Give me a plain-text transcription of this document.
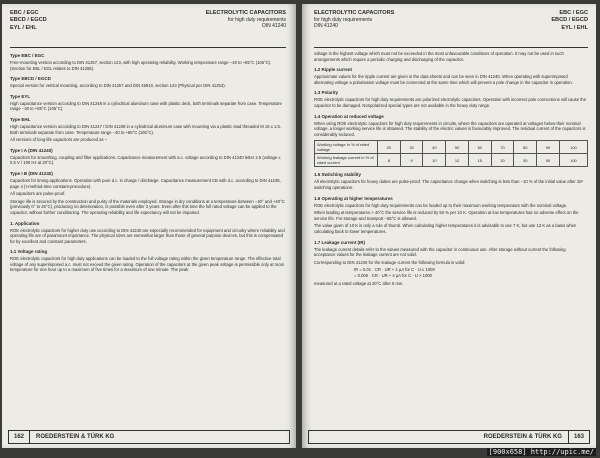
EBC / EGC
EBCD / EGCD
EYL / EHL
ELECTROLYTIC CAPACITORS
for high duty requirements
DIN 41240
Type EBC / EGC
Free-mounting version according to DIN 41257, section 123, with high operating reliability. Working temperature range −40 to +85°C (105°C). (Section for EBL / EGL relates to DIN 41255).
Type EBCD / EGCD
Special version for vertical mounting, according to DIN 41257 and DIN 45910, section 123 (Physical per DIN 41253).
Type EYL
High capacitance version according to DIN 41248 in a cylindrical aluminum case with plastic deck, both terminals separate from case. Temperature range −40 to +85°C (105°C).
Type EHL
High capacitance version according to DIN 41247 / DIN 41248 in a cylindrical aluminum case with mounting via a plastic stud threaded M 16 x 1.5. Both terminals separate from case. Temperature range −40 to +85°C (105°C).
All versions of long-life capacitors are produced as –
Type I A (DIN 41240)
Capacitors for smoothing, coupling and filter applications. Capacitance measurement with a.c. voltage according to DIN 41240 letter 2.5 (voltage ≤ 0.5 V / 100 Hz at 20°C).
Type I B (DIN 41240)
Capacitors for timing applications. Operation with pure d.c. in charge / discharge. Capacitance measurement CB with d.c. according to DIN 41238, page 4 (τ-method-time constant-procedure).
All capacitors are pulse-proof.
Storage life is secured by the construction and purity of the materials employed. Storage in dry conditions at a temperature between −40° and +40°C (previously 0° to 25°C), producing no deterioration, is possible even after 3 years. Even after this time the full rated voltage can be applied to the capacitor, without further conditioning. The operating reliability and life expectancy will not be impaired.
1. Application
ROE electrolytic capacitors for higher duty use according to DIN 41240 are especially recommended for equipment and circuitry where reliability and operating life are of paramount importance. The physical sizes are somewhat larger than those of general purpose devices, but this is compensated for by excellent and constant parameters.
1.1 Voltage rating
ROE electrolytic capacitors for high duty applications can be loaded to the full voltage rating within the given temperature range. The effective total voltage of any superimposed a.c. must not exceed the given rating. Operation of the capacitors at the given peak voltage is permissible only at room temperature for one hour up to a maximum of five times for a maximum of one minute. The peak
162	ROEDERSTEIN & TÜRK KG
ELECTROLYTIC CAPACITORS
for high duty requirements
DIN 41240
EBC / EGC
EBCD / EGCD
EYL / EHL
voltage is the highest voltage which must not be exceeded in the most unfavourable conditions of operation. It may not be used in such arrangements which require a periodic charging and discharging of the capacitor.
1.2 Ripple current
Approximate values for the ripple current are given in the data sheets and can be seen in DIN 41240. When operating with superimposed alternating voltage a polarisation voltage must be connected at the same time which will prevent a pole change in the capacitor in operation.
1.3 Polarity
ROE electrolytic capacitors for high duty requirements are polarized electrolytic capacitors. Operation with incorrect pole connections will cause the capacitor to be damaged. Nonpolarized special types are not available in the heavy duty range.
1.4 Operation at reduced voltage
When using ROE electrolytic capacitors for high duty requirements in circuits, where the capacitors are operated at voltages below their nominal voltage, a longer working service life is obtained. The stability of the electric values is favourably improved. The residual current of the capacitors is considerably reduced.
Working voltage in % of rated voltage	20	30	40	50	60	70	80	90	100
Working leakage current in % of rated current	8	9	10	12	15	20	30	50	100
1.5 Switching stability
All electrolytic capacitors for heavy duties are pulse-proof. The capacitance change when switching is less than −10 % of the initial value after 10⁶ switching operations.
1.6 Operating at higher temperatures
ROE electrolytic capacitors for high duty requirements can be loaded up to their maximum working temperature with the nominal voltage.
When loading at temperatures > 40°C the service life is reduced by 50 % per 10 K. Operation at low temperatures has no adverse effect on the service life. For storage and transport −55°C is allowed.
The value given of 10 K is only a rule of thumb. When calculating higher temperatures it is advisable to use 7 K, but use 13 K as a basis when calculating back to lower temperatures.
1.7 Leakage current (IR)
The leakage current details refer to the values measured with the capacitor in continuous use. After storage without current the following acceptance values for the leakage current are not valid.
Corresponding to DIN 41240 for the leakage current the following formula is valid:
IR = 0.01 · CR · UR + 1 µA for C · U ≤ 1000
= 0.006 · CR · UR + 4 µA for C · U > 1000
measured at a rated voltage at 20°C after 5 min.
ROEDERSTEIN & TÜRK KG	163
[900x658] http://upic.me/
